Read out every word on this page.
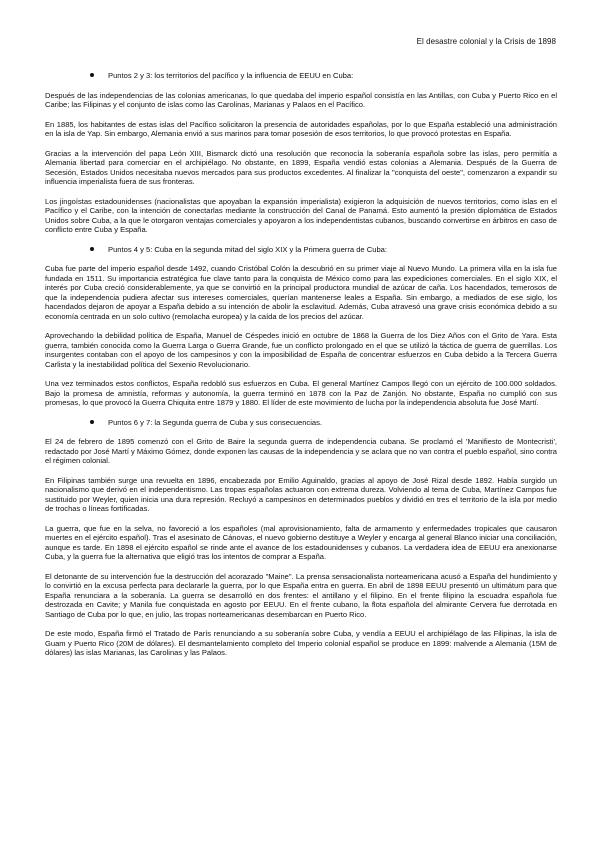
El desastre colonial y la Crisis de 1898
Puntos 2 y 3: los territorios del pacífico y la influencia de EEUU en Cuba:

Después de las independencias de las colonias americanas, lo que quedaba del imperio español consistía en las Antillas, con Cuba y Puerto Rico en el Caribe; las Filipinas y el conjunto de islas como las Carolinas, Marianas y Palaos en el Pacífico.

En 1885, los habitantes de estas islas del Pacífico solicitaron la presencia de autoridades españolas, por lo que España estableció una administración en la isla de Yap. Sin embargo, Alemania envió a sus marinos para tomar posesión de esos territorios, lo que provocó protestas en España.

Gracias a la intervención del papa León XIII, Bismarck dictó una resolución que reconocía la soberanía española sobre las islas, pero permitía a Alemania libertad para comerciar en el archipiélago. No obstante, en 1899, España vendió estas colonias a Alemania. Después de la Guerra de Secesión, Estados Unidos necesitaba nuevos mercados para sus productos excedentes. Al finalizar la "conquista del oeste", comenzaron a expandir su influencia imperialista fuera de sus fronteras.

Los jingoístas estadounidenses (nacionalistas que apoyaban la expansión imperialista) exigieron la adquisición de nuevos territorios, como islas en el Pacífico y el Caribe, con la intención de conectarlas mediante la construcción del Canal de Panamá. Esto aumentó la presión diplomática de Estados Unidos sobre Cuba, a la que le otorgaron ventajas comerciales y apoyaron a los independentistas cubanos, buscando convertirse en árbitros en caso de conflicto entre Cuba y España.

Puntos 4 y 5: Cuba en la segunda mitad del siglo XIX y la Primera guerra de Cuba:

Cuba fue parte del imperio español desde 1492, cuando Cristóbal Colón la descubrió en su primer viaje al Nuevo Mundo. La primera villa en la isla fue fundada en 1511. Su importancia estratégica fue clave tanto para la conquista de México como para las expediciones comerciales. En el siglo XIX, el interés por Cuba creció considerablemente, ya que se convirtió en la principal productora mundial de azúcar de caña. Los hacendados, temerosos de que la independencia pudiera afectar sus intereses comerciales, querían mantenerse leales a España. Sin embargo, a mediados de ese siglo, los hacendados dejaron de apoyar a España debido a su intención de abolir la esclavitud. Además, Cuba atravesó una grave crisis económica debido a su economía centrada en un solo cultivo (remolacha europea) y la caída de los precios del azúcar.

Aprovechando la debilidad política de España, Manuel de Céspedes inició en octubre de 1868 la Guerra de los Diez Años con el Grito de Yara. Esta guerra, también conocida como la Guerra Larga o Guerra Grande, fue un conflicto prolongado en el que se utilizó la táctica de guerra de guerrillas. Los insurgentes contaban con el apoyo de los campesinos y con la imposibilidad de España de concentrar esfuerzos en Cuba debido a la Tercera Guerra Carlista y la inestabilidad política del Sexenio Revolucionario.

Una vez terminados estos conflictos, España redobló sus esfuerzos en Cuba. El general Martínez Campos llegó con un ejército de 100.000 soldados. Bajo la promesa de amnistía, reformas y autonomía, la guerra terminó en 1878 con la Paz de Zanjón. No obstante, España no cumplió con sus promesas, lo que provocó la Guerra Chiquita entre 1879 y 1880. El líder de este movimiento de lucha por la independencia absoluta fue José Martí.

Puntos 6 y 7: la Segunda guerra de Cuba y sus consecuencias.

El 24 de febrero de 1895 comenzó con el Grito de Baire la segunda guerra de independencia cubana. Se proclamó el 'Manifiesto de Montecristi', redactado por José Martí y Máximo Gómez, donde exponen las causas de la independencia y se aclara que no van contra el pueblo español, sino contra el régimen colonial.

En Filipinas también surge una revuelta en 1896, encabezada por Emilio Aguinaldo, gracias al apoyo de José Rizal desde 1892. Había surgido un nacionalismo que derivó en el independentismo. Las tropas españolas actuaron con extrema dureza. Volviendo al tema de Cuba, Martínez Campos fue sustituido por Weyler, quien inicia una dura represión. Recluyó a campesinos en determinados pueblos y dividió en tres el territorio de la isla por medio de trochas o líneas fortificadas.

La guerra, que fue en la selva, no favoreció a los españoles (mal aprovisionamiento, falta de armamento y enfermedades tropicales que causaron muertes en el ejército español). Tras el asesinato de Cánovas, el nuevo gobierno destituye a Weyler y encarga al general Blanco iniciar una conciliación, aunque es tarde. En 1898 el ejército español se rinde ante el avance de los estadounidenses y cubanos. La verdadera idea de EEUU era anexionarse Cuba, y la guerra fue la alternativa que eligió tras los intentos de comprar a España.

El detonante de su intervención fue la destrucción del acorazado "Maine". La prensa sensacionalista norteamericana acusó a España del hundimiento y lo convirtió en la excusa perfecta para declararle la guerra, por lo que España entra en guerra. En abril de 1898 EEUU presentó un ultimátum para que España renunciara a la soberanía. La guerra se desarrolló en dos frentes: el antillano y el filipino. En el frente filipino la escuadra española fue destrozada en Cavite; y Manila fue conquistada en agosto por EEUU. En el frente cubano, la flota española del almirante Cervera fue derrotada en Santiago de Cuba por lo que, en julio, las tropas norteamericanas desembarcan en Puerto Rico.

De este modo, España firmó el Tratado de París renunciando a su soberanía sobre Cuba, y vendía a EEUU el archipiélago de las Filipinas, la isla de Guam y Puerto Rico (20M de dólares). El desmantelamiento completo del Imperio colonial español se produce en 1899: malvende a Alemania (15M de dólares) las islas Marianas, las Carolinas y las Palaos.
